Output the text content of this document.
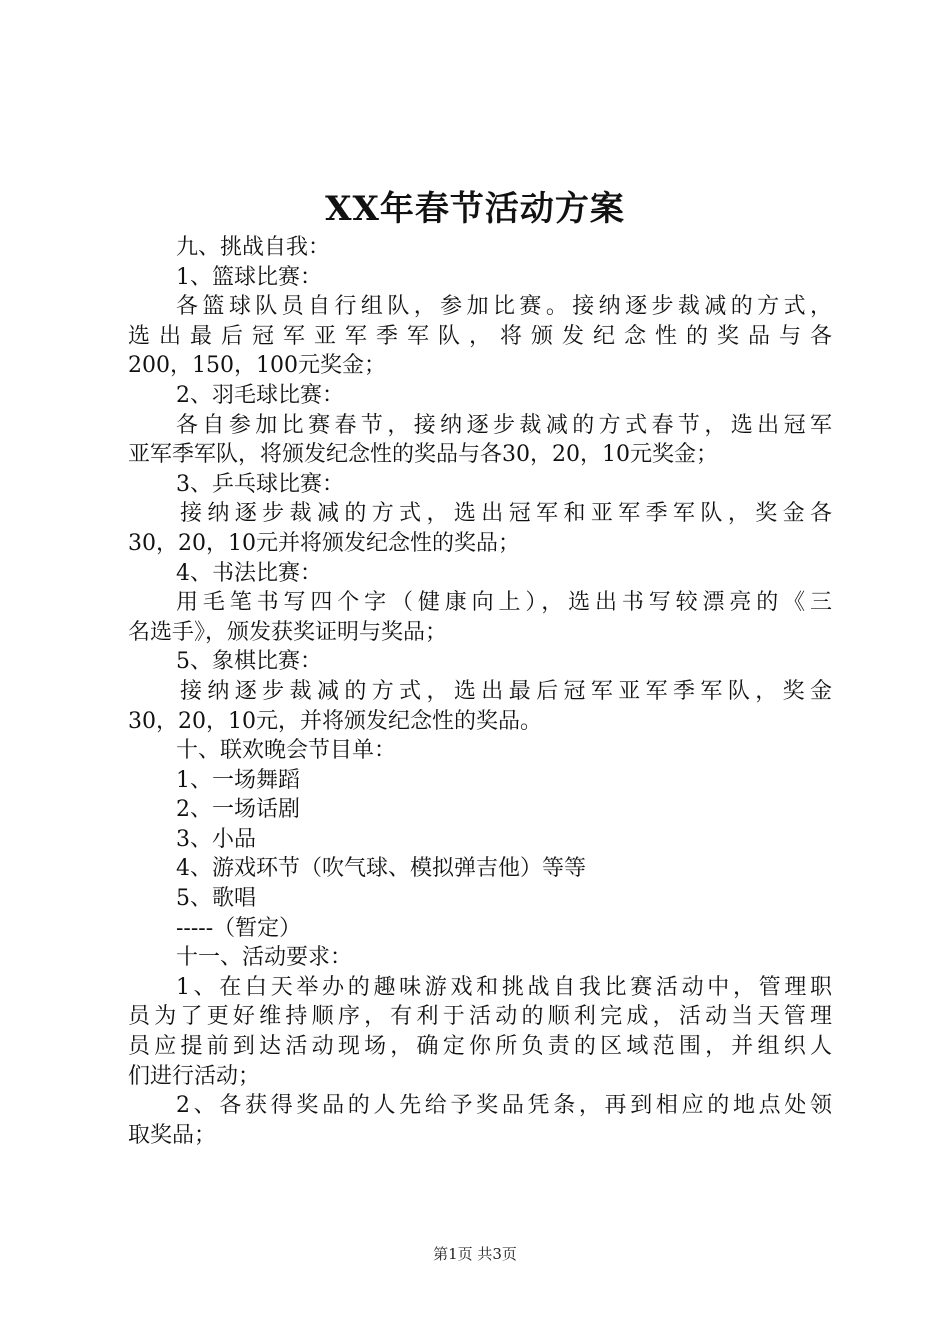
XX年春节活动方案
九、挑战自我：
1、篮球比赛：
各篮球队员自行组队，参加比赛。接纳逐步裁减的方式，
选出最后冠军亚军季军队，将颁发纪念性的奖品与各
200，150，100元奖金；
2、羽毛球比赛：
各自参加比赛春节，接纳逐步裁减的方式春节，选出冠军
亚军季军队，将颁发纪念性的奖品与各30，20，10元奖金；
3、乒乓球比赛：
接纳逐步裁减的方式，选出冠军和亚军季军队，奖金各
30，20，10元并将颁发纪念性的奖品；
4、书法比赛：
用毛笔书写四个字（健康向上），选出书写较漂亮的《三
名选手》，颁发获奖证明与奖品；
5、象棋比赛：
接纳逐步裁减的方式，选出最后冠军亚军季军队，奖金
30，20，10元，并将颁发纪念性的奖品。
十、联欢晚会节目单：
1、一场舞蹈
2、一场话剧
3、小品
4、游戏环节（吹气球、模拟弹吉他）等等
5、歌唱
-----（暂定）
十一、活动要求：
1、在白天举办的趣味游戏和挑战自我比赛活动中，管理职
员为了更好维持顺序，有利于活动的顺利完成，活动当天管理
员应提前到达活动现场，确定你所负责的区域范围，并组织人
们进行活动；
2、各获得奖品的人先给予奖品凭条，再到相应的地点处领
取奖品；
第1页 共3页
